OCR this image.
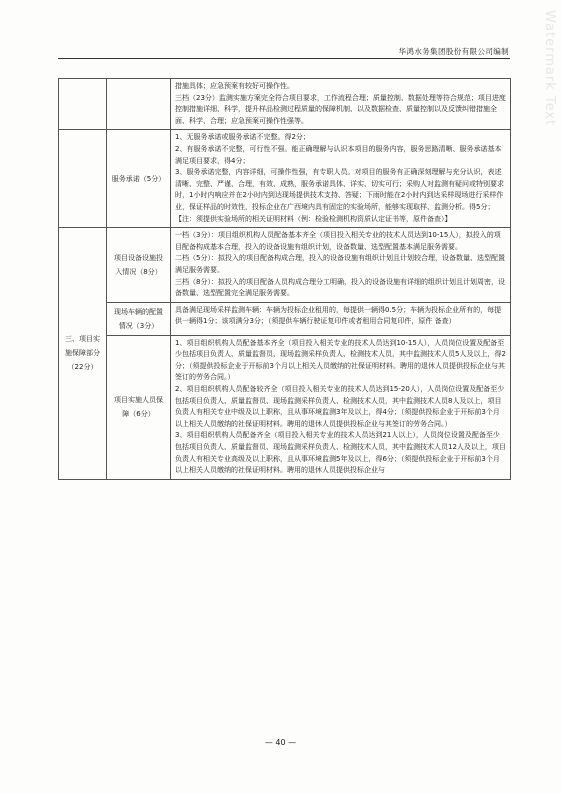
Watermark Text
华鸿水务集团股份有限公司编制

		措施具体；应急预案有较好可操作性。
三档（23分）监测实施方案完全符合项目要求，工作流程合理；质量控制、数据处理等符合规范；项目进度控制措施详细、科学，提升样品检测过程质量的保障机制、以及数据检查、质量控制以及反馈纠错措施全面、科学、合理；应急预案可操作性强等。

	服务承诺（5分）	1、无服务承诺或服务承诺不完整。得2分；
2、有服务承诺不完整，可行性不强。能正确理解与认识本项目的服务内容，服务思路清晰、服务承诺基本满足项目要求，得4分；
3、服务承诺完整，内容详细，可操作性强，有专职人员。对项目的服务有正确深刻理解与充分认识，表述清晰、完整、严谨、合理，有效、成熟，服务承诺具体、详实、切实可行；采购人对监测有疑问或特别要求时，1小时内响应并在2小时内到达现场提供技术支持、答疑；下雨时能在2小时内到达采样现场进行采样作业，保证样品的时效性，投标企业在广西境内具有固定的实验场所，能够实现取样、监测分析。得5分；【注：须提供实验场所的相关证明材料（例：检验检测机构资质认定证书等，原件备查）】

三、项目实施保障部分（22分）	项目设备设施投入情况（8分）	一档（3分）：项目组织机构人员配备基本齐全（项目投入相关专业的技术人员达到10-15人），拟投入的项目配备构成基本合理，投入的设备设施有组织计划，设备数量、选型配置基本满足服务需要。
二档（5分）：拟投入的项目配备构成合理，投入的设备设施有组织计划且计划较合理，设备数量、选型配置满足服务需要。
三档（8分）：拟投入的项目配备人员构成合理分工明确，投入的设备设施有详细的组织计划且计划周密，设备数量、选型配置完全满足服务需要。

	现场车辆的配置情况（3分）	具备满足现场采样监测车辆：车辆为投标企业租用的，每提供一辆得0.5分；车辆为投标企业所有的，每提供一辆得1分；该项满分3分；（须提供车辆行驶证复印件或者租用合同复印件，原件 备查）

	项目实施人员保障（6分）	1、项目组织机构人员配备基本齐全（项目投入相关专业的技术人员达到10-15人），人员岗位设置及配备至少包括项目负责人、质量监督员、现场监测采样负责人、检测技术人员，其中监测技术人员5人及以上，得2分；（须提供投标企业于开标前3个月以上相关人员缴纳的社保证明材料。聘用的退休人员提供投标企业与其签订的劳务合同。）
2、项目组织机构人员配备较齐全（项目投入相关专业的技术人员达到15-20人），人员岗位设置及配备至少包括项目负责人、质量监督员、现场监测采样负责人、检测技术人员，其中监测技术人员8人及以上，项目负责人有相关专业中级及以上职称，且从事环境监测3年及以上，得4分；（须提供投标企业于开标前3个月以上相关人员缴纳的社保证明材料。聘用的退休人员提供投标企业与其签订的劳务合同。）
3、项目组织机构人员配备齐全（项目投入相关专业的技术人员达到21人以上），人员岗位设置及配备至少包括项目负责人、质量监督员、现场监测采样负责人、检测技术人员，其中监测技术人员12人及以上，项目负责人有相关专业高级及以上职称，且从事环境监测5年及以上，得6分；（须提供投标企业于开标前3个月以上相关人员缴纳的社保证明材料。聘用的退休人员提供投标企业与
— 40 —
